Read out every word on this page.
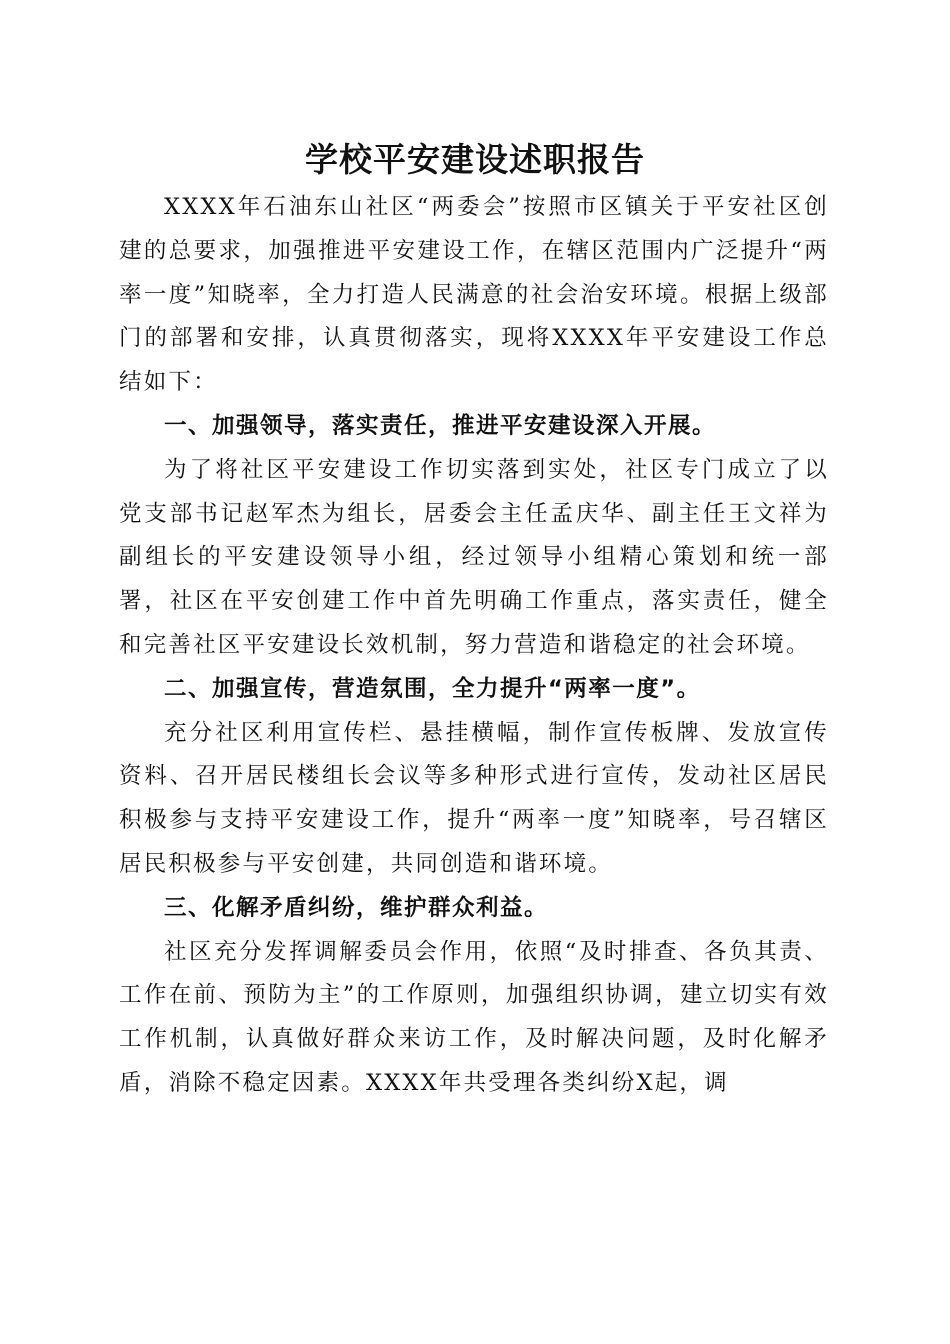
学校平安建设述职报告

XXXX年石油东山社区“两委会”按照市区镇关于平安社区创建的总要求，加强推进平安建设工作，在辖区范围内广泛提升“两率一度”知晓率，全力打造人民满意的社会治安环境。根据上级部门的部署和安排，认真贯彻落实，现将XXXX年平安建设工作总结如下：

一、加强领导，落实责任，推进平安建设深入开展。

为了将社区平安建设工作切实落到实处，社区专门成立了以党支部书记赵军杰为组长，居委会主任孟庆华、副主任王文祥为副组长的平安建设领导小组，经过领导小组精心策划和统一部署，社区在平安创建工作中首先明确工作重点，落实责任，健全和完善社区平安建设长效机制，努力营造和谐稳定的社会环境。

二、加强宣传，营造氛围，全力提升“两率一度”。

充分社区利用宣传栏、悬挂横幅，制作宣传板牌、发放宣传资料、召开居民楼组长会议等多种形式进行宣传，发动社区居民积极参与支持平安建设工作，提升“两率一度”知晓率，号召辖区居民积极参与平安创建，共同创造和谐环境。

三、化解矛盾纠纷，维护群众利益。

社区充分发挥调解委员会作用，依照“及时排查、各负其责、工作在前、预防为主”的工作原则，加强组织协调，建立切实有效工作机制，认真做好群众来访工作，及时解决问题，及时化解矛盾，消除不稳定因素。XXXX年共受理各类纠纷X起，调
